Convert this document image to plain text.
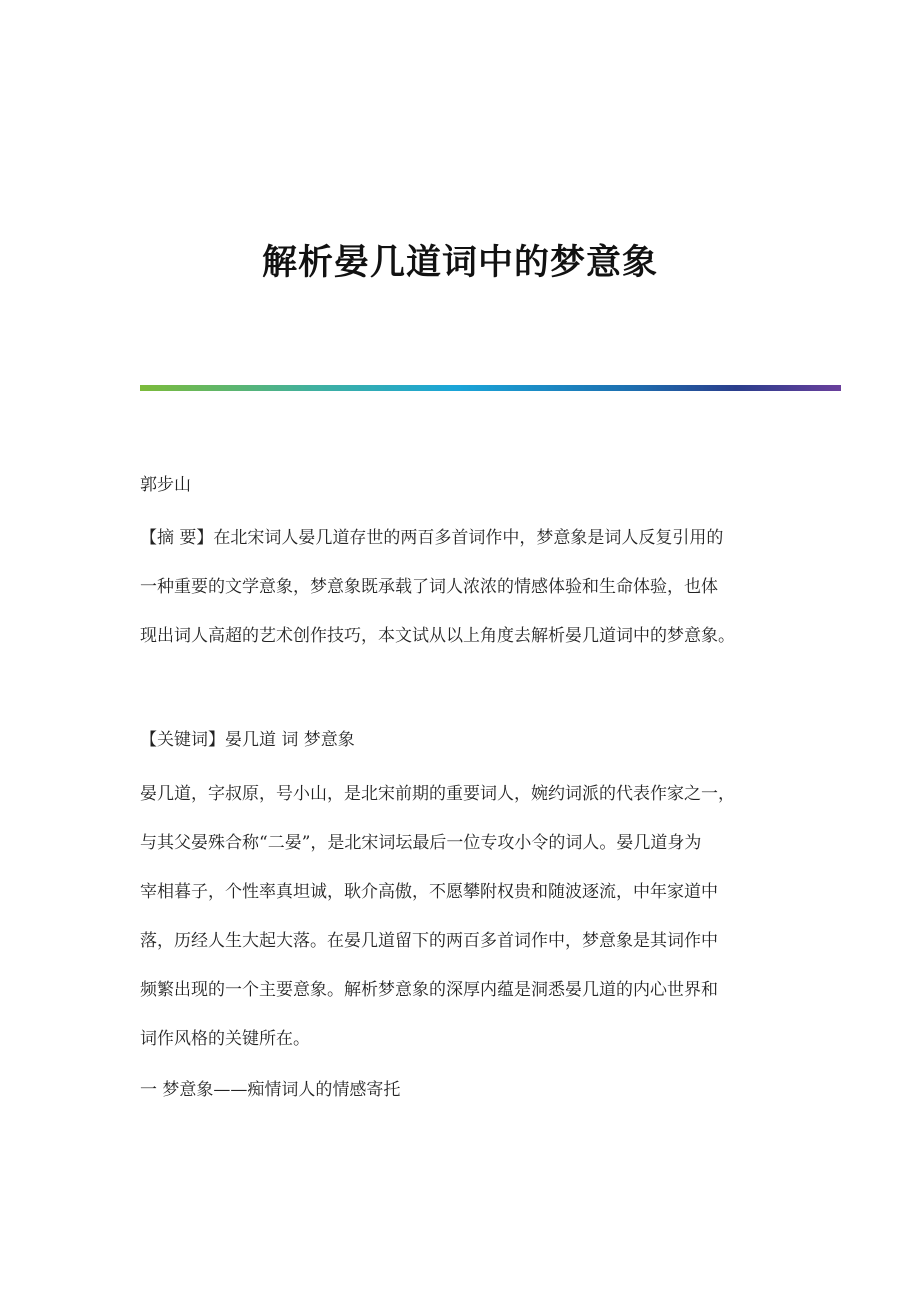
解析晏几道词中的梦意象
郭步山
【摘 要】在北宋词人晏几道存世的两百多首词作中，梦意象是词人反复引用的
一种重要的文学意象，梦意象既承载了词人浓浓的情感体验和生命体验，也体
现出词人高超的艺术创作技巧，本文试从以上角度去解析晏几道词中的梦意象。
【关键词】晏几道 词 梦意象
晏几道，字叔原，号小山，是北宋前期的重要词人，婉约词派的代表作家之一，
与其父晏殊合称“二晏”，是北宋词坛最后一位专攻小令的词人。晏几道身为
宰相暮子，个性率真坦诚，耿介高傲，不愿攀附权贵和随波逐流，中年家道中
落，历经人生大起大落。在晏几道留下的两百多首词作中，梦意象是其词作中
频繁出现的一个主要意象。解析梦意象的深厚内蕴是洞悉晏几道的内心世界和
词作风格的关键所在。
一 梦意象——痴情词人的情感寄托
